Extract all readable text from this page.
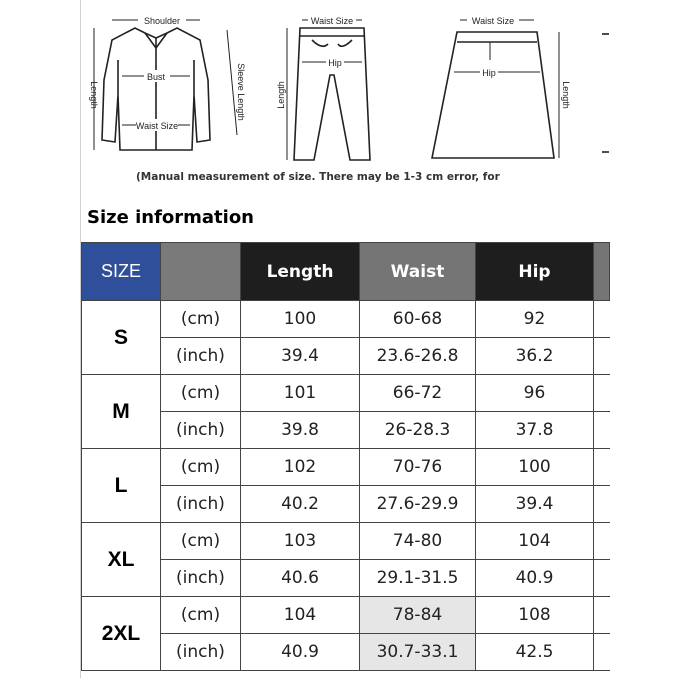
Shoulder
Bust
Waist Size
Length	Sleeve Length
Waist Size
Hip
Length
Waist Size
Hip
Length
(Manual measurement of size. There may be 1-3 cm error, for
Size information
SIZE		Length	Waist	Hip	
S	(cm)	100	60-68	92	
	(inch)	39.4	23.6-26.8	36.2	
M	(cm)	101	66-72	96	
	(inch)	39.8	26-28.3	37.8	
L	(cm)	102	70-76	100	
	(inch)	40.2	27.6-29.9	39.4	
XL	(cm)	103	74-80	104	
	(inch)	40.6	29.1-31.5	40.9	
2XL	(cm)	104	78-84	108	
	(inch)	40.9	30.7-33.1	42.5	
